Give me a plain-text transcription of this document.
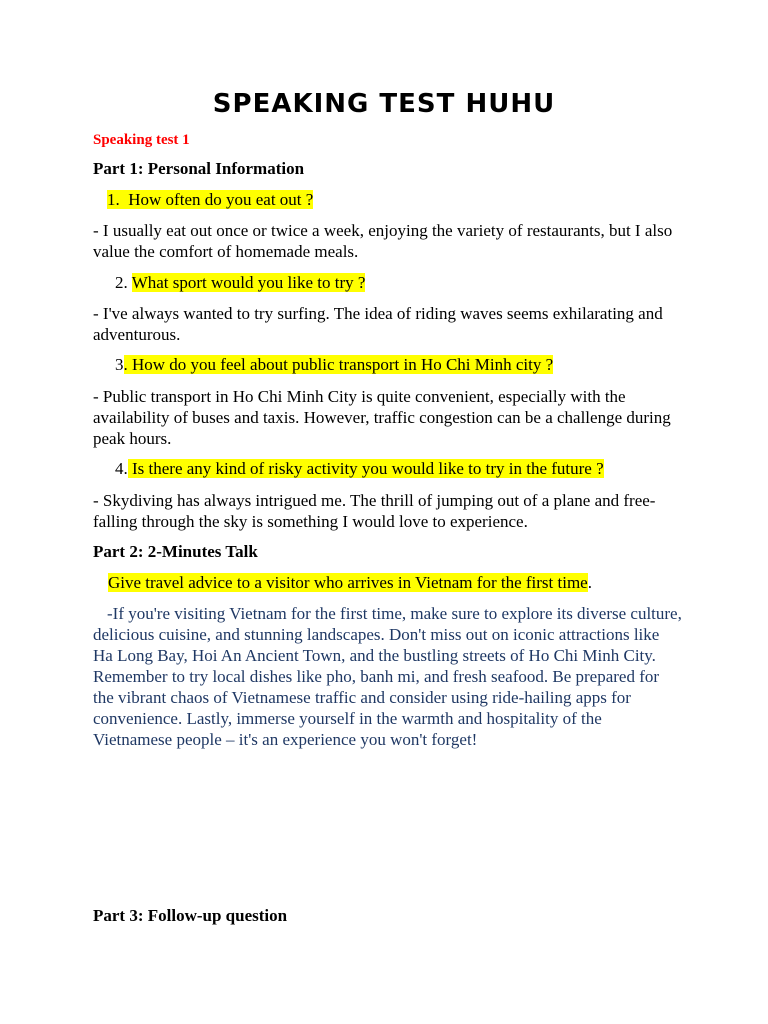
SPEAKING TEST HUHU
Speaking test 1
Part 1: Personal Information
1. How often do you eat out ?
- I usually eat out once or twice a week, enjoying the variety of restaurants, but I also value the comfort of homemade meals.
2. What sport would you like to try ?
- I've always wanted to try surfing. The idea of riding waves seems exhilarating and adventurous.
3. How do you feel about public transport in Ho Chi Minh city ?
- Public transport in Ho Chi Minh City is quite convenient, especially with the availability of buses and taxis. However, traffic congestion can be a challenge during peak hours.
4. Is there any kind of risky activity you would like to try in the future ?
- Skydiving has always intrigued me. The thrill of jumping out of a plane and free-falling through the sky is something I would love to experience.
Part 2: 2-Minutes Talk
Give travel advice to a visitor who arrives in Vietnam for the first time.
-If you're visiting Vietnam for the first time, make sure to explore its diverse culture, delicious cuisine, and stunning landscapes. Don't miss out on iconic attractions like Ha Long Bay, Hoi An Ancient Town, and the bustling streets of Ho Chi Minh City. Remember to try local dishes like pho, banh mi, and fresh seafood. Be prepared for the vibrant chaos of Vietnamese traffic and consider using ride-hailing apps for convenience. Lastly, immerse yourself in the warmth and hospitality of the Vietnamese people – it's an experience you won't forget!
Part 3: Follow-up question
